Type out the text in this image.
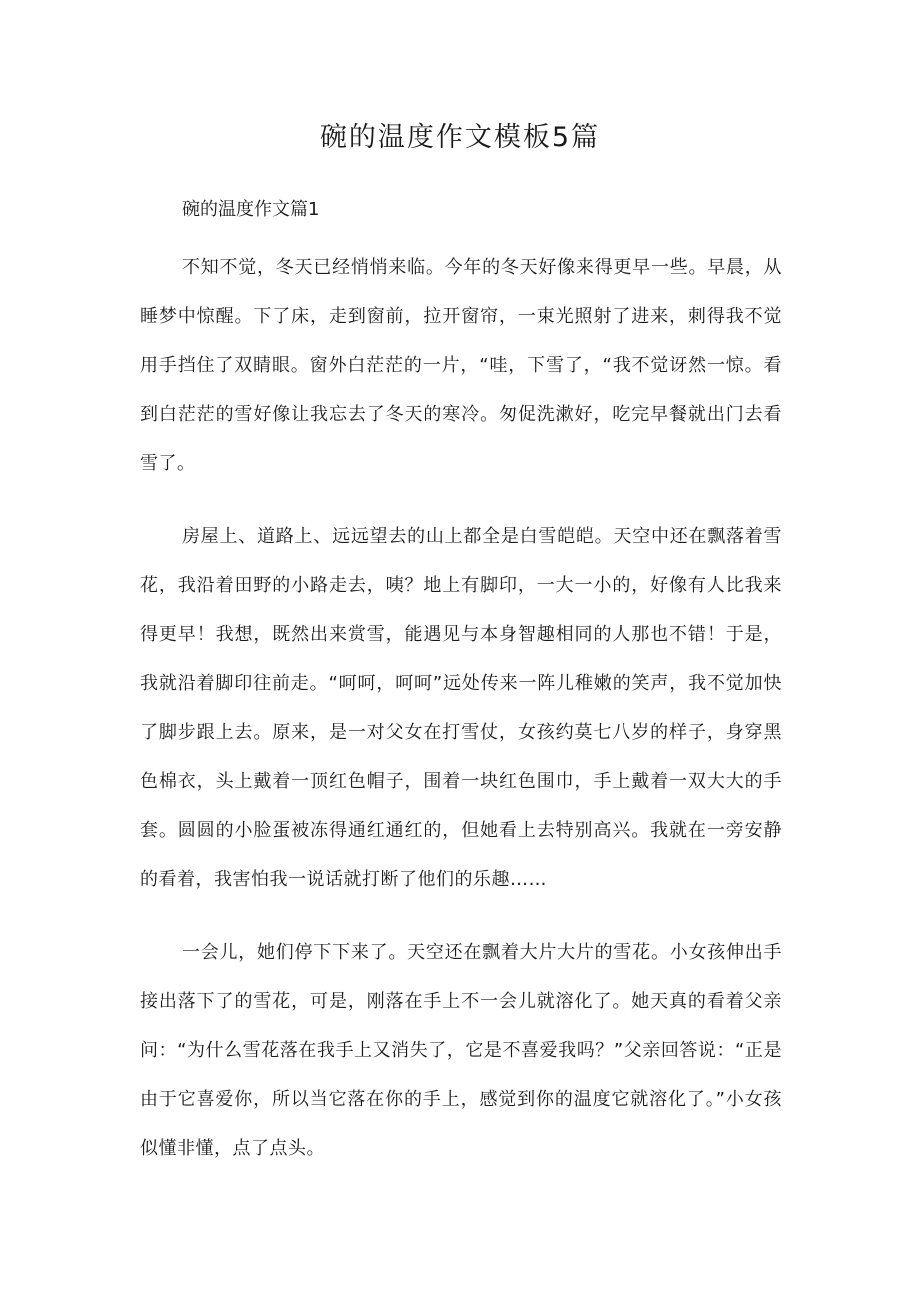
碗的温度作文模板5篇
碗的温度作文篇1

不知不觉，冬天已经悄悄来临。今年的冬天好像来得更早一些。早晨，从睡梦中惊醒。下了床，走到窗前，拉开窗帘，一束光照射了进来，刺得我不觉用手挡住了双睛眼。窗外白茫茫的一片，“哇，下雪了，“我不觉讶然一惊。看到白茫茫的雪好像让我忘去了冬天的寒冷。匆促洗漱好，吃完早餐就出门去看雪了。

房屋上、道路上、远远望去的山上都全是白雪皑皑。天空中还在飘落着雪花，我沿着田野的小路走去，咦？地上有脚印，一大一小的，好像有人比我来得更早！我想，既然出来赏雪，能遇见与本身智趣相同的人那也不错！于是，我就沿着脚印往前走。“呵呵，呵呵”远处传来一阵儿稚嫩的笑声，我不觉加快了脚步跟上去。原来，是一对父女在打雪仗，女孩约莫七八岁的样子，身穿黑色棉衣，头上戴着一顶红色帽子，围着一块红色围巾，手上戴着一双大大的手套。圆圆的小脸蛋被冻得通红通红的，但她看上去特别高兴。我就在一旁安静的看着，我害怕我一说话就打断了他们的乐趣……

一会儿，她们停下下来了。天空还在飘着大片大片的雪花。小女孩伸出手接出落下了的雪花，可是，刚落在手上不一会儿就溶化了。她天真的看着父亲问：“为什么雪花落在我手上又消失了，它是不喜爱我吗？”父亲回答说：“正是由于它喜爱你，所以当它落在你的手上，感觉到你的温度它就溶化了。”小女孩似懂非懂，点了点头。
